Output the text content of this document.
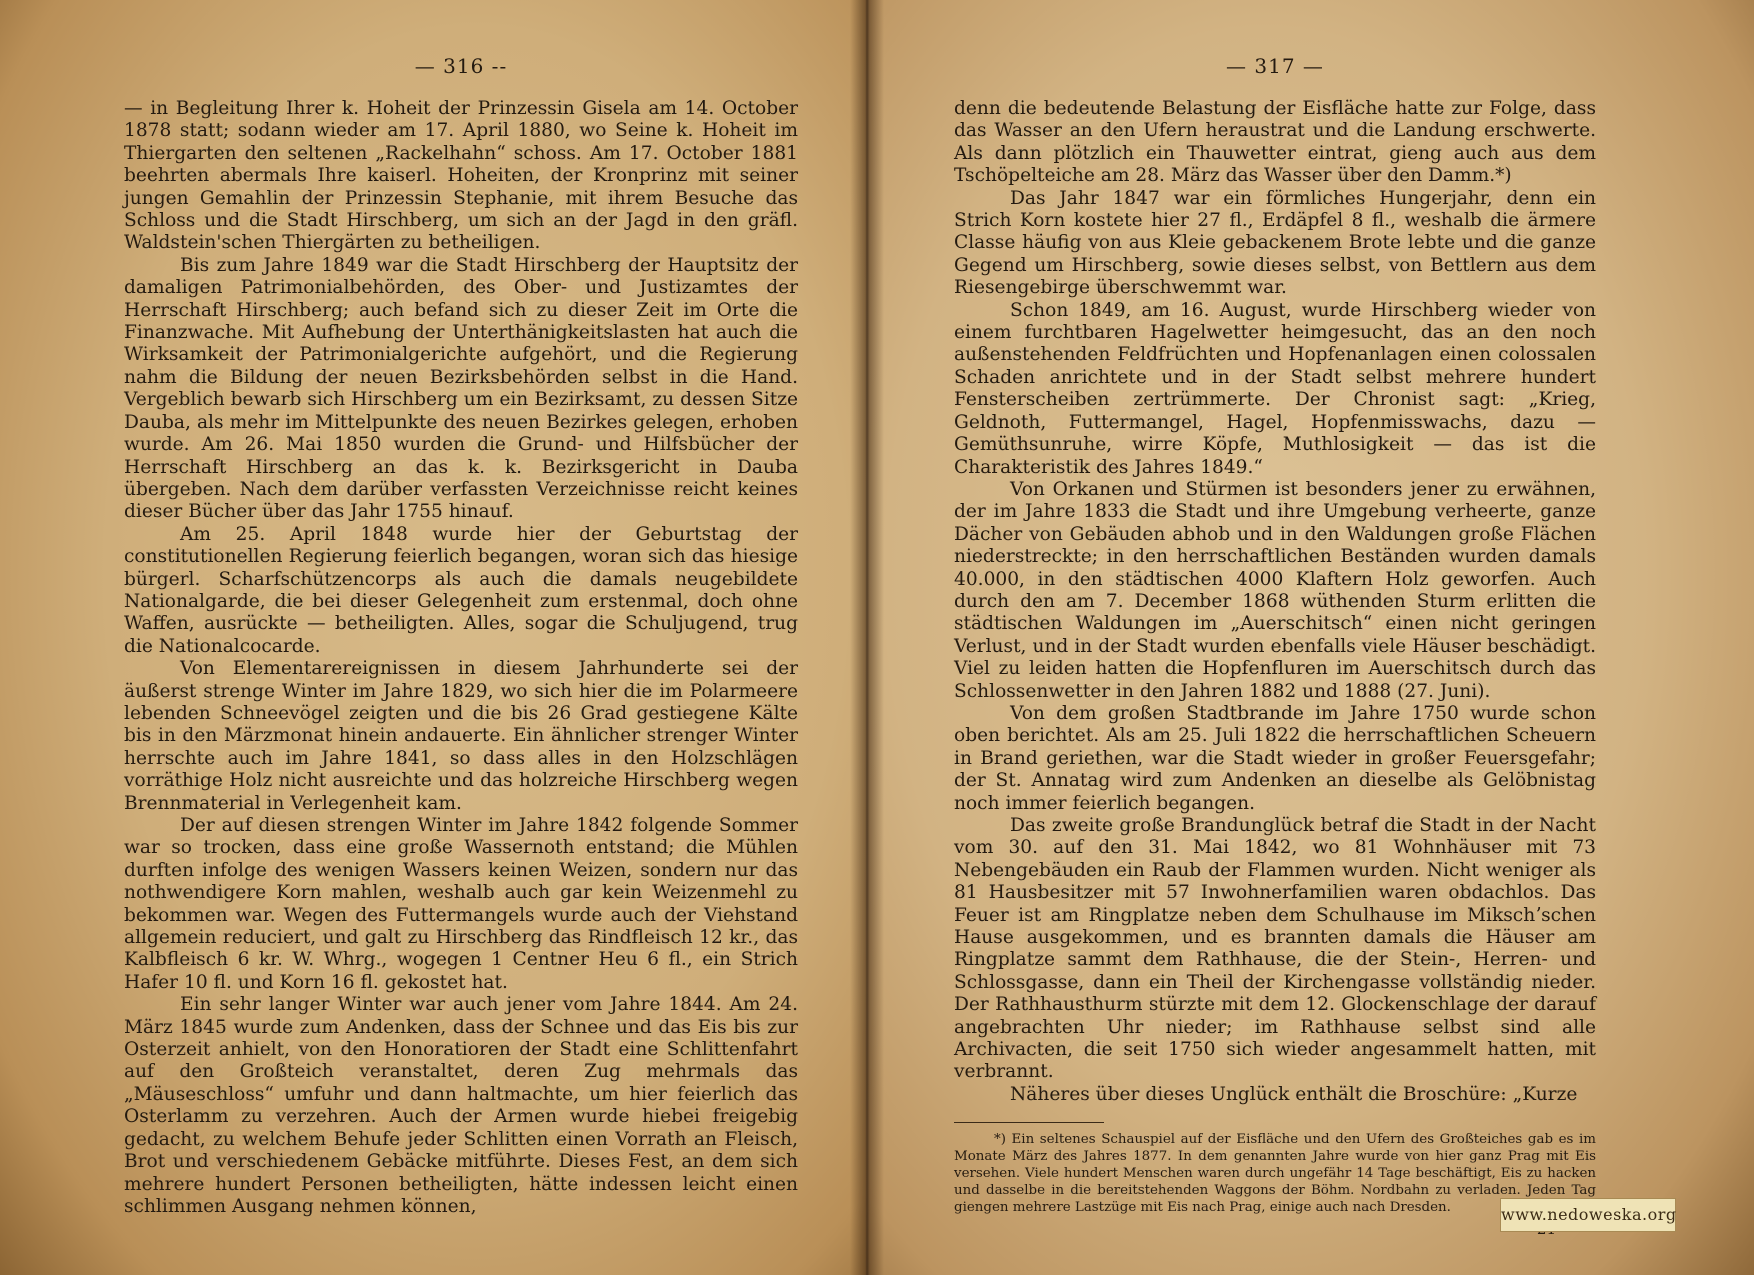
— 316 --

— in Begleitung Ihrer k. Hoheit der Prinzessin Gisela am 14. October 1878 statt; sodann wieder am 17. April 1880, wo Seine k. Hoheit im Thiergarten den seltenen „Rackelhahn“ schoss. Am 17. October 1881 beehrten abermals Ihre kaiserl. Hoheiten, der Kronprinz mit seiner jungen Gemahlin der Prinzessin Stephanie, mit ihrem Besuche das Schloss und die Stadt Hirschberg, um sich an der Jagd in den gräfl. Waldstein'schen Thiergärten zu betheiligen.

Bis zum Jahre 1849 war die Stadt Hirschberg der Hauptsitz der damaligen Patrimonialbehörden, des Ober- und Justizamtes der Herrschaft Hirschberg; auch befand sich zu dieser Zeit im Orte die Finanzwache. Mit Aufhebung der Unterthänigkeitslasten hat auch die Wirksamkeit der Patrimonialgerichte aufgehört, und die Regierung nahm die Bildung der neuen Bezirksbehörden selbst in die Hand. Vergeblich bewarb sich Hirschberg um ein Bezirksamt, zu dessen Sitze Dauba, als mehr im Mittelpunkte des neuen Bezirkes gelegen, erhoben wurde. Am 26. Mai 1850 wurden die Grund- und Hilfsbücher der Herrschaft Hirschberg an das k. k. Bezirksgericht in Dauba übergeben. Nach dem darüber verfassten Verzeichnisse reicht keines dieser Bücher über das Jahr 1755 hinauf.

Am 25. April 1848 wurde hier der Geburtstag der constitutionellen Regierung feierlich begangen, woran sich das hiesige bürgerl. Scharfschützencorps als auch die damals neugebildete Nationalgarde, die bei dieser Gelegenheit zum erstenmal, doch ohne Waffen, ausrückte — betheiligten. Alles, sogar die Schuljugend, trug die Nationalcocarde.

Von Elementarereignissen in diesem Jahrhunderte sei der äußerst strenge Winter im Jahre 1829, wo sich hier die im Polarmeere lebenden Schneevögel zeigten und die bis 26 Grad gestiegene Kälte bis in den Märzmonat hinein andauerte. Ein ähnlicher strenger Winter herrschte auch im Jahre 1841, so dass alles in den Holzschlägen vorräthige Holz nicht ausreichte und das holzreiche Hirschberg wegen Brennmaterial in Verlegenheit kam.

Der auf diesen strengen Winter im Jahre 1842 folgende Sommer war so trocken, dass eine große Wassernoth entstand; die Mühlen durften infolge des wenigen Wassers keinen Weizen, sondern nur das nothwendigere Korn mahlen, weshalb auch gar kein Weizenmehl zu bekommen war. Wegen des Futtermangels wurde auch der Viehstand allgemein reduciert, und galt zu Hirschberg das Rindfleisch 12 kr., das Kalbfleisch 6 kr. W. Whrg., wogegen 1 Centner Heu 6 fl., ein Strich Hafer 10 fl. und Korn 16 fl. gekostet hat.

Ein sehr langer Winter war auch jener vom Jahre 1844. Am 24. März 1845 wurde zum Andenken, dass der Schnee und das Eis bis zur Osterzeit anhielt, von den Honoratioren der Stadt eine Schlittenfahrt auf den Großteich veranstaltet, deren Zug mehrmals das „Mäuseschloss“ umfuhr und dann haltmachte, um hier feierlich das Osterlamm zu verzehren. Auch der Armen wurde hiebei freigebig gedacht, zu welchem Behufe jeder Schlitten einen Vorrath an Fleisch, Brot und verschiedenem Gebäcke mitführte. Dieses Fest, an dem sich mehrere hundert Personen betheiligten, hätte indessen leicht einen schlimmen Ausgang nehmen können,

— 317 —

denn die bedeutende Belastung der Eisfläche hatte zur Folge, dass das Wasser an den Ufern heraustrat und die Landung erschwerte. Als dann plötzlich ein Thauwetter eintrat, gieng auch aus dem Tschöpelteiche am 28. März das Wasser über den Damm.*)

Das Jahr 1847 war ein förmliches Hungerjahr, denn ein Strich Korn kostete hier 27 fl., Erdäpfel 8 fl., weshalb die ärmere Classe häufig von aus Kleie gebackenem Brote lebte und die ganze Gegend um Hirschberg, sowie dieses selbst, von Bettlern aus dem Riesengebirge überschwemmt war.

Schon 1849, am 16. August, wurde Hirschberg wieder von einem furchtbaren Hagelwetter heimgesucht, das an den noch außenstehenden Feldfrüchten und Hopfenanlagen einen colossalen Schaden anrichtete und in der Stadt selbst mehrere hundert Fensterscheiben zertrümmerte. Der Chronist sagt: „Krieg, Geldnoth, Futtermangel, Hagel, Hopfenmisswachs, dazu — Gemüthsunruhe, wirre Köpfe, Muthlosigkeit — das ist die Charakteristik des Jahres 1849.“

Von Orkanen und Stürmen ist besonders jener zu erwähnen, der im Jahre 1833 die Stadt und ihre Umgebung verheerte, ganze Dächer von Gebäuden abhob und in den Waldungen große Flächen niederstreckte; in den herrschaftlichen Beständen wurden damals 40.000, in den städtischen 4000 Klaftern Holz geworfen. Auch durch den am 7. December 1868 wüthenden Sturm erlitten die städtischen Waldungen im „Auerschitsch“ einen nicht geringen Verlust, und in der Stadt wurden ebenfalls viele Häuser beschädigt. Viel zu leiden hatten die Hopfenfluren im Auerschitsch durch das Schlossenwetter in den Jahren 1882 und 1888 (27. Juni).

Von dem großen Stadtbrande im Jahre 1750 wurde schon oben berichtet. Als am 25. Juli 1822 die herrschaftlichen Scheuern in Brand geriethen, war die Stadt wieder in großer Feuersgefahr; der St. Annatag wird zum Andenken an dieselbe als Gelöbnistag noch immer feierlich begangen.

Das zweite große Brandunglück betraf die Stadt in der Nacht vom 30. auf den 31. Mai 1842, wo 81 Wohnhäuser mit 73 Nebengebäuden ein Raub der Flammen wurden. Nicht weniger als 81 Hausbesitzer mit 57 Inwohnerfamilien waren obdachlos. Das Feuer ist am Ringplatze neben dem Schulhause im Mikschʼschen Hause ausgekommen, und es brannten damals die Häuser am Ringplatze sammt dem Rathhause, die der Stein-, Herren- und Schlossgasse, dann ein Theil der Kirchengasse vollständig nieder. Der Rathhausthurm stürzte mit dem 12. Glockenschlage der darauf angebrachten Uhr nieder; im Rathhause selbst sind alle Archivacten, die seit 1750 sich wieder angesammelt hatten, mit verbrannt.

Näheres über dieses Unglück enthält die Broschüre: „Kurze

*) Ein seltenes Schauspiel auf der Eisfläche und den Ufern des Großteiches gab es im Monate März des Jahres 1877. In dem genannten Jahre wurde von hier ganz Prag mit Eis versehen. Viele hundert Menschen waren durch ungefähr 14 Tage beschäftigt, Eis zu hacken und dasselbe in die bereitstehenden Waggons der Böhm. Nordbahn zu verladen. Jeden Tag giengen mehrere Lastzüge mit Eis nach Prag, einige auch nach Dresden.	www.nedoweska.org
